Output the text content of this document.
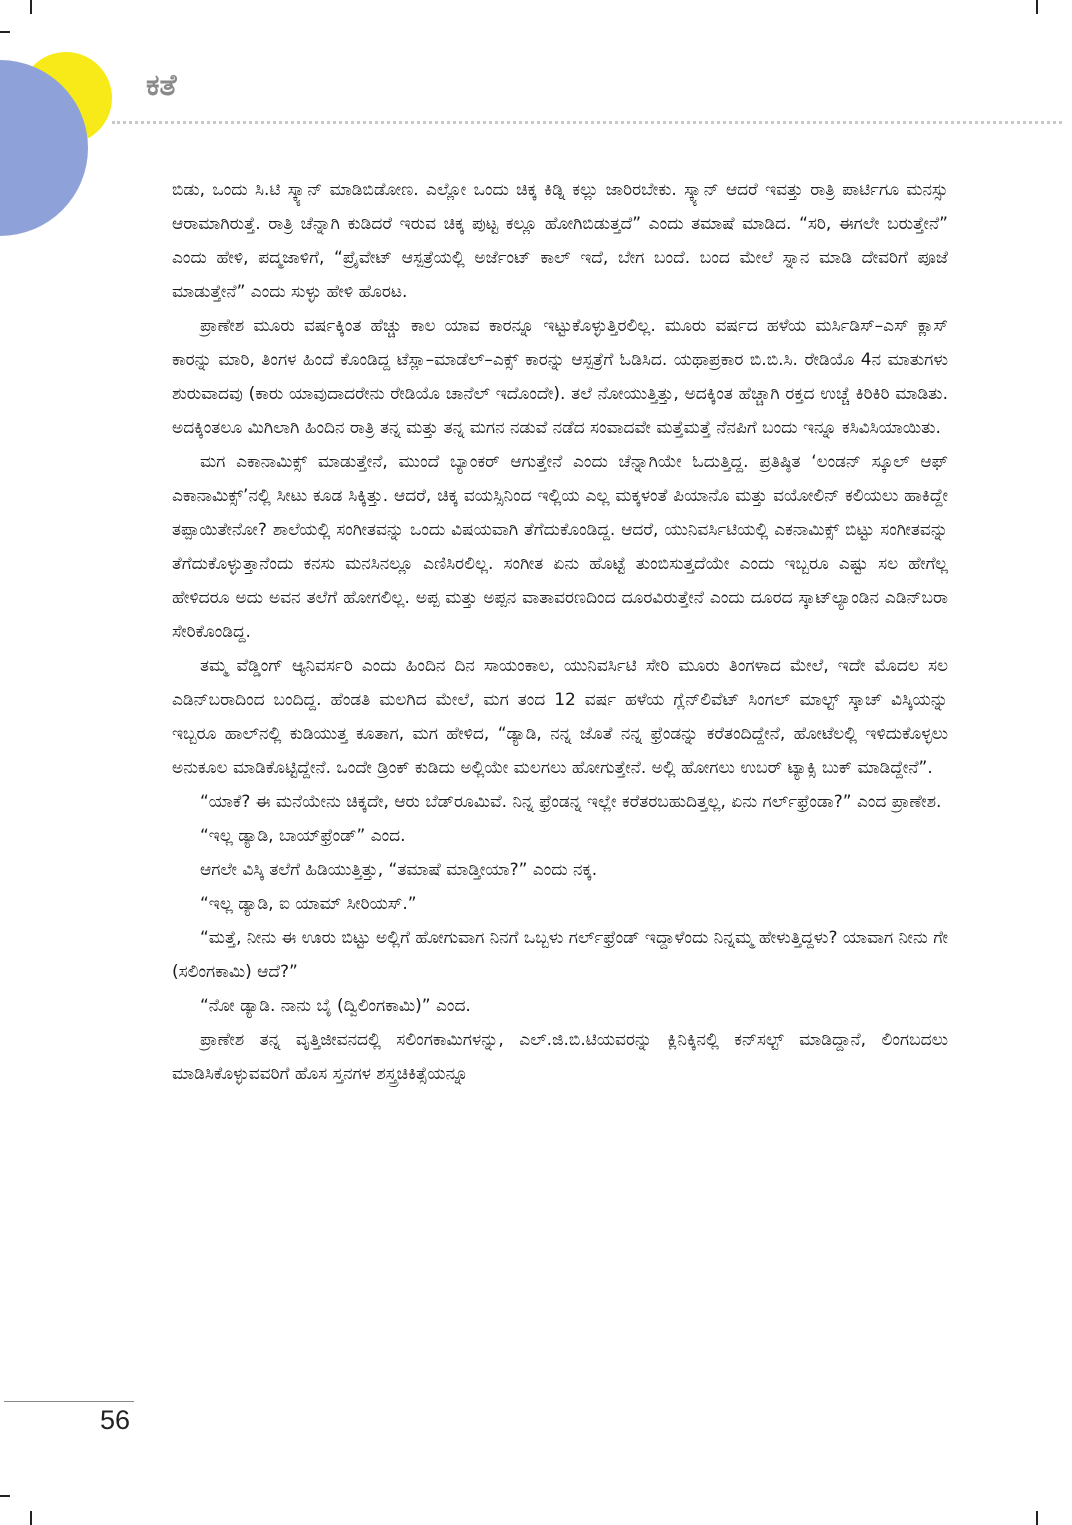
ಕತೆ

ಬಿಡು, ಒಂದು ಸಿ.ಟಿ ಸ್ಕ್ಯಾನ್ ಮಾಡಿಬಿಡೋಣ. ಎಲ್ಲೋ ಒಂದು ಚಿಕ್ಕ ಕಿಡ್ನಿ ಕಲ್ಲು ಜಾರಿರಬೇಕು. ಸ್ಕ್ಯಾನ್ ಆದರೆ ಇವತ್ತು ರಾತ್ರಿ ಪಾರ್ಟಿಗೂ ಮನಸ್ಸು ಆರಾಮಾಗಿರುತ್ತೆ. ರಾತ್ರಿ ಚೆನ್ನಾಗಿ ಕುಡಿದರೆ ಇರುವ ಚಿಕ್ಕ ಪುಟ್ಟ ಕಲ್ಲೂ ಹೋಗಿಬಿಡುತ್ತದೆ” ಎಂದು ತಮಾಷೆ ಮಾಡಿದ. “ಸರಿ, ಈಗಲೇ ಬರುತ್ತೇನೆ” ಎಂದು ಹೇಳಿ, ಪದ್ಮಜಾಳಿಗೆ, “ಪ್ರೈವೇಟ್ ಆಸ್ಪತ್ರೆಯಲ್ಲಿ ಅರ್ಜೆಂಟ್ ಕಾಲ್ ಇದೆ, ಬೇಗ ಬಂದೆ. ಬಂದ ಮೇಲೆ ಸ್ನಾನ ಮಾಡಿ ದೇವರಿಗೆ ಪೂಜೆ ಮಾಡುತ್ತೇನೆ” ಎಂದು ಸುಳ್ಳು ಹೇಳಿ ಹೊರಟ.

ಪ್ರಾಣೇಶ ಮೂರು ವರ್ಷಕ್ಕಿಂತ ಹೆಚ್ಚು ಕಾಲ ಯಾವ ಕಾರನ್ನೂ ಇಟ್ಟುಕೊಳ್ಳುತ್ತಿರಲಿಲ್ಲ. ಮೂರು ವರ್ಷದ ಹಳೆಯ ಮರ್ಸಿಡಿಸ್–ಎಸ್ ಕ್ಲಾಸ್ ಕಾರನ್ನು ಮಾರಿ, ತಿಂಗಳ ಹಿಂದೆ ಕೊಂಡಿದ್ದ ಟೆಸ್ಲಾ–ಮಾಡೆಲ್–ಎಕ್ಸ್ ಕಾರನ್ನು ಆಸ್ಪತ್ರೆಗೆ ಓಡಿಸಿದ. ಯಥಾಪ್ರಕಾರ ಬಿ.ಬಿ.ಸಿ. ರೇಡಿಯೊ 4ನ ಮಾತುಗಳು ಶುರುವಾದವು (ಕಾರು ಯಾವುದಾದರೇನು ರೇಡಿಯೊ ಚಾನೆಲ್ ಇದೊಂದೇ). ತಲೆ ನೋಯುತ್ತಿತ್ತು, ಅದಕ್ಕಿಂತ ಹೆಚ್ಚಾಗಿ ರಕ್ತದ ಉಚ್ಚೆ ಕಿರಿಕಿರಿ ಮಾಡಿತು. ಅದಕ್ಕಿಂತಲೂ ಮಿಗಿಲಾಗಿ ಹಿಂದಿನ ರಾತ್ರಿ ತನ್ನ ಮತ್ತು ತನ್ನ ಮಗನ ನಡುವೆ ನಡೆದ ಸಂವಾದವೇ ಮತ್ತೆಮತ್ತೆ ನೆನಪಿಗೆ ಬಂದು ಇನ್ನೂ ಕಸಿವಿಸಿಯಾಯಿತು.

ಮಗ ಎಕಾನಾಮಿಕ್ಸ್ ಮಾಡುತ್ತೇನೆ, ಮುಂದೆ ಬ್ಯಾಂಕರ್ ಆಗುತ್ತೇನೆ ಎಂದು ಚೆನ್ನಾಗಿಯೇ ಓದುತ್ತಿದ್ದ. ಪ್ರತಿಷ್ಠಿತ ‘ಲಂಡನ್ ಸ್ಕೂಲ್ ಆಫ್ ಎಕಾನಾಮಿಕ್ಸ್’ನಲ್ಲಿ ಸೀಟು ಕೂಡ ಸಿಕ್ಕಿತ್ತು. ಆದರೆ, ಚಿಕ್ಕ ವಯಸ್ಸಿನಿಂದ ಇಲ್ಲಿಯ ಎಲ್ಲ ಮಕ್ಕಳಂತೆ ಪಿಯಾನೊ ಮತ್ತು ವಯೋಲಿನ್ ಕಲಿಯಲು ಹಾಕಿದ್ದೇ ತಪ್ಪಾಯಿತೇನೋ? ಶಾಲೆಯಲ್ಲಿ ಸಂಗೀತವನ್ನು ಒಂದು ವಿಷಯವಾಗಿ ತೆಗೆದುಕೊಂಡಿದ್ದ. ಆದರೆ, ಯುನಿವರ್ಸಿಟಿಯಲ್ಲಿ ಎಕನಾಮಿಕ್ಸ್ ಬಿಟ್ಟು ಸಂಗೀತವನ್ನು ತೆಗೆದುಕೊಳ್ಳುತ್ತಾನೆಂದು ಕನಸು ಮನಸಿನಲ್ಲೂ ಎಣಿಸಿರಲಿಲ್ಲ. ಸಂಗೀತ ಏನು ಹೊಟ್ಟೆ ತುಂಬಿಸುತ್ತದೆಯೇ ಎಂದು ಇಬ್ಬರೂ ಎಷ್ಟು ಸಲ ಹೇಗೆಲ್ಲ ಹೇಳಿದರೂ ಅದು ಅವನ ತಲೆಗೆ ಹೋಗಲಿಲ್ಲ. ಅಪ್ಪ ಮತ್ತು ಅಪ್ಪನ ವಾತಾವರಣದಿಂದ ದೂರವಿರುತ್ತೇನೆ ಎಂದು ದೂರದ ಸ್ಕಾಟ್‌ಲ್ಯಾಂಡಿನ ಎಡಿನ್‌ಬರಾ ಸೇರಿಕೊಂಡಿದ್ದ.

ತಮ್ಮ ವೆಡ್ಡಿಂಗ್ ಆ್ಯನಿವರ್ಸರಿ ಎಂದು ಹಿಂದಿನ ದಿನ ಸಾಯಂಕಾಲ, ಯುನಿವರ್ಸಿಟಿ ಸೇರಿ ಮೂರು ತಿಂಗಳಾದ ಮೇಲೆ, ಇದೇ ಮೊದಲ ಸಲ ಎಡಿನ್‌ಬರಾದಿಂದ ಬಂದಿದ್ದ. ಹೆಂಡತಿ ಮಲಗಿದ ಮೇಲೆ, ಮಗ ತಂದ 12 ವರ್ಷ ಹಳೆಯ ಗ್ಲೆನ್‌ಲಿವೆಟ್ ಸಿಂಗಲ್ ಮಾಲ್ಟ್ ಸ್ಕಾಚ್ ವಿಸ್ಕಿಯನ್ನು ಇಬ್ಬರೂ ಹಾಲ್‌ನಲ್ಲಿ ಕುಡಿಯುತ್ತ ಕೂತಾಗ, ಮಗ ಹೇಳಿದ, “ಡ್ಯಾಡಿ, ನನ್ನ ಜೊತೆ ನನ್ನ ಫ್ರೆಂಡನ್ನು ಕರೆತಂದಿದ್ದೇನೆ, ಹೋಟೆಲಲ್ಲಿ ಇಳಿದುಕೊಳ್ಳಲು ಅನುಕೂಲ ಮಾಡಿಕೊಟ್ಟಿದ್ದೇನೆ. ಒಂದೇ ಡ್ರಿಂಕ್ ಕುಡಿದು ಅಲ್ಲಿಯೇ ಮಲಗಲು ಹೋಗುತ್ತೇನೆ. ಅಲ್ಲಿ ಹೋಗಲು ಉಬರ್ ಟ್ಯಾಕ್ಸಿ ಬುಕ್ ಮಾಡಿದ್ದೇನೆ”.

“ಯಾಕೆ? ಈ ಮನೆಯೇನು ಚಿಕ್ಕದೇ, ಆರು ಬೆಡ್‌ರೂಮಿವೆ. ನಿನ್ನ ಫ್ರೆಂಡನ್ನ ಇಲ್ಲೇ ಕರೆತರಬಹುದಿತ್ತಲ್ಲ, ಏನು ಗರ್ಲ್‌ಫ್ರೆಂಡಾ?” ಎಂದ ಪ್ರಾಣೇಶ.

“ಇಲ್ಲ ಡ್ಯಾಡಿ, ಬಾಯ್‌ಫ್ರೆಂಡ್” ಎಂದ.

ಆಗಲೇ ವಿಸ್ಕಿ ತಲೆಗೆ ಹಿಡಿಯುತ್ತಿತ್ತು, “ತಮಾಷೆ ಮಾಡ್ತೀಯಾ?” ಎಂದು ನಕ್ಕ.

“ಇಲ್ಲ ಡ್ಯಾಡಿ, ಐ ಯಾಮ್ ಸೀರಿಯಸ್.”

“ಮತ್ತೆ, ನೀನು ಈ ಊರು ಬಿಟ್ಟು ಅಲ್ಲಿಗೆ ಹೋಗುವಾಗ ನಿನಗೆ ಒಬ್ಬಳು ಗರ್ಲ್‌ಫ್ರೆಂಡ್ ಇದ್ದಾಳೆಂದು ನಿನ್ನಮ್ಮ ಹೇಳುತ್ತಿದ್ದಳು? ಯಾವಾಗ ನೀನು ಗೇ (ಸಲಿಂಗಕಾಮಿ) ಆದೆ?”

“ನೋ ಡ್ಯಾಡಿ. ನಾನು ಬೈ (ದ್ವಿಲಿಂಗಕಾಮಿ)” ಎಂದ.

ಪ್ರಾಣೇಶ ತನ್ನ ವೃತ್ತಿಜೀವನದಲ್ಲಿ ಸಲಿಂಗಕಾಮಿಗಳನ್ನು, ಎಲ್.ಜಿ.ಬಿ.ಟಿಯವರನ್ನು ಕ್ಲಿನಿಕ್ಕಿನಲ್ಲಿ ಕನ್‌ಸಲ್ಟ್ ಮಾಡಿದ್ದಾನೆ, ಲಿಂಗಬದಲು ಮಾಡಿಸಿಕೊಳ್ಳುವವರಿಗೆ ಹೊಸ ಸ್ತನಗಳ ಶಸ್ತ್ರಚಿಕಿತ್ಸೆಯನ್ನೂ

56
